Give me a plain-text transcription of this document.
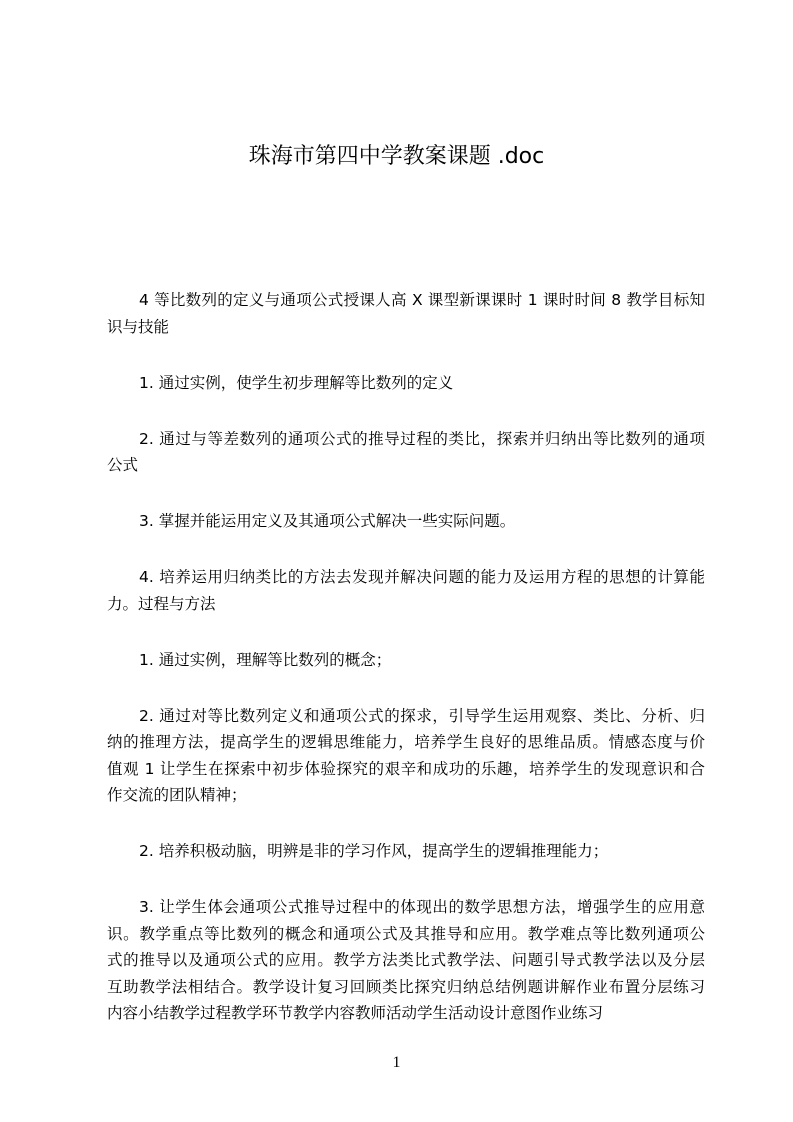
珠海市第四中学教案课题 .doc
4 等比数列的定义与通项公式授课人高 X 课型新课课时 1 课时时间 8 教学目标知
识与技能
1. 通过实例，使学生初步理解等比数列的定义
2. 通过与等差数列的通项公式的推导过程的类比，探索并归纳出等比数列的通项
公式
3. 掌握并能运用定义及其通项公式解决一些实际问题。
4. 培养运用归纳类比的方法去发现并解决问题的能力及运用方程的思想的计算能
力。过程与方法
1. 通过实例，理解等比数列的概念；
2. 通过对等比数列定义和通项公式的探求，引导学生运用观察、类比、分析、归
纳的推理方法，提高学生的逻辑思维能力，培养学生良好的思维品质。情感态度与价
值观 1 让学生在探索中初步体验探究的艰辛和成功的乐趣，培养学生的发现意识和合
作交流的团队精神；
2. 培养积极动脑，明辨是非的学习作风，提高学生的逻辑推理能力；
3. 让学生体会通项公式推导过程中的体现出的数学思想方法，增强学生的应用意
识。教学重点等比数列的概念和通项公式及其推导和应用。教学难点等比数列通项公
式的推导以及通项公式的应用。教学方法类比式教学法、问题引导式教学法以及分层
互助教学法相结合。教学设计复习回顾类比探究归纳总结例题讲解作业布置分层练习
内容小结教学过程教学环节教学内容教师活动学生活动设计意图作业练习
1
